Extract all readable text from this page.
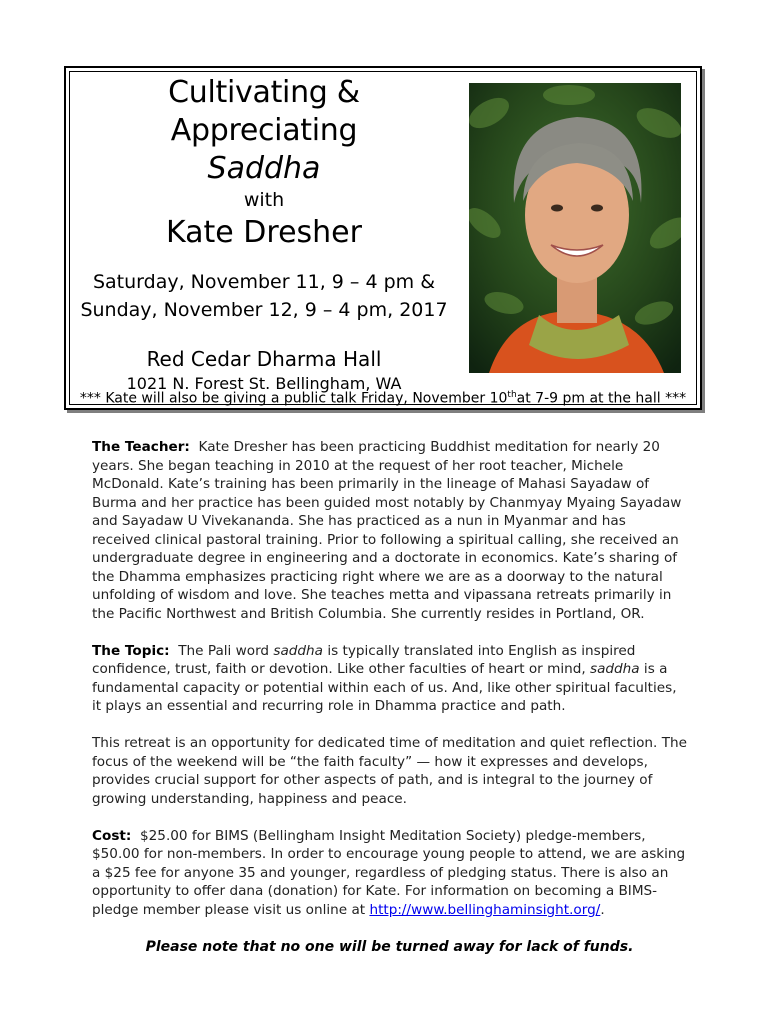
Cultivating & Appreciating

Saddha

with

Kate Dresher

Saturday, November 11, 9 – 4 pm &

Sunday, November 12, 9 – 4 pm, 2017

Red Cedar Dharma Hall

1021 N. Forest St. Bellingham, WA

*** Kate will also be giving a public talk Friday, November 10that 7-9 pm at the hall ***

The Teacher: Kate Dresher has been practicing Buddhist meditation for nearly 20 years. She began teaching in 2010 at the request of her root teacher, Michele McDonald. Kate’s training has been primarily in the lineage of Mahasi Sayadaw of Burma and her practice has been guided most notably by Chanmyay Myaing Sayadaw and Sayadaw U Vivekananda. She has practiced as a nun in Myanmar and has received clinical pastoral training. Prior to following a spiritual calling, she received an undergraduate degree in engineering and a doctorate in economics. Kate’s sharing of the Dhamma emphasizes practicing right where we are as a doorway to the natural unfolding of wisdom and love. She teaches metta and vipassana retreats primarily in the Pacific Northwest and British Columbia. She currently resides in Portland, OR.

The Topic: The Pali word saddha is typically translated into English as inspired confidence, trust, faith or devotion. Like other faculties of heart or mind, saddha is a fundamental capacity or potential within each of us. And, like other spiritual faculties, it plays an essential and recurring role in Dhamma practice and path.

This retreat is an opportunity for dedicated time of meditation and quiet reflection. The focus of the weekend will be “the faith faculty” — how it expresses and develops, provides crucial support for other aspects of path, and is integral to the journey of growing understanding, happiness and peace.

Cost: $25.00 for BIMS (Bellingham Insight Meditation Society) pledge-members, $50.00 for non-members. In order to encourage young people to attend, we are asking a $25 fee for anyone 35 and younger, regardless of pledging status. There is also an opportunity to offer dana (donation) for Kate. For information on becoming a BIMS-pledge member please visit us online at http://www.bellinghaminsight.org/.

Please note that no one will be turned away for lack of funds.
